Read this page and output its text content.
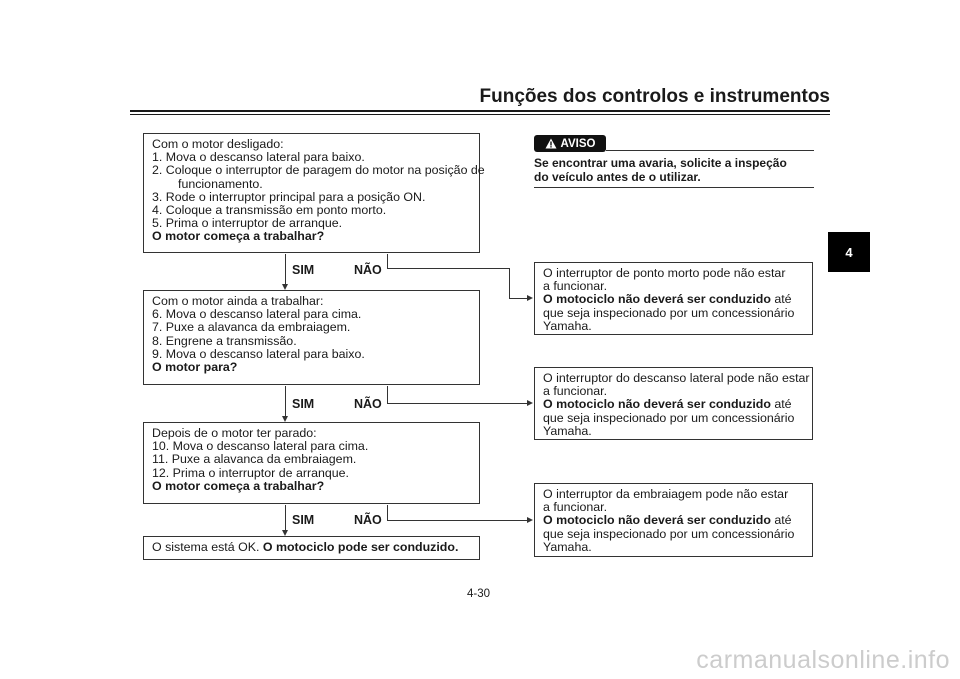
Funções dos controlos e instrumentos
4
Com o motor desligado:
1. Mova o descanso lateral para baixo.
2. Coloque o interruptor de paragem do motor na posição de
funcionamento.
3. Rode o interruptor principal para a posição ON.
4. Coloque a transmissão em ponto morto.
5. Prima o interruptor de arranque.
O motor começa a trabalhar?
SIM	NÃO
Com o motor ainda a trabalhar:
6. Mova o descanso lateral para cima.
7. Puxe a alavanca da embraiagem.
8. Engrene a transmissão.
9. Mova o descanso lateral para baixo.
O motor para?
SIM	NÃO
Depois de o motor ter parado:
10. Mova o descanso lateral para cima.
11. Puxe a alavanca da embraiagem.
12. Prima o interruptor de arranque.
O motor começa a trabalhar?
SIM	NÃO
O sistema está OK. O motociclo pode ser conduzido.
AVISO
Se encontrar uma avaria, solicite a inspeção
do veículo antes de o utilizar.
O interruptor de ponto morto pode não estar
a funcionar.
O motociclo não deverá ser conduzido até
que seja inspecionado por um concessionário
Yamaha.
O interruptor do descanso lateral pode não estar
a funcionar.
O motociclo não deverá ser conduzido até
que seja inspecionado por um concessionário
Yamaha.
O interruptor da embraiagem pode não estar
a funcionar.
O motociclo não deverá ser conduzido até
que seja inspecionado por um concessionário
Yamaha.
4-30
carmanualsonline.info
